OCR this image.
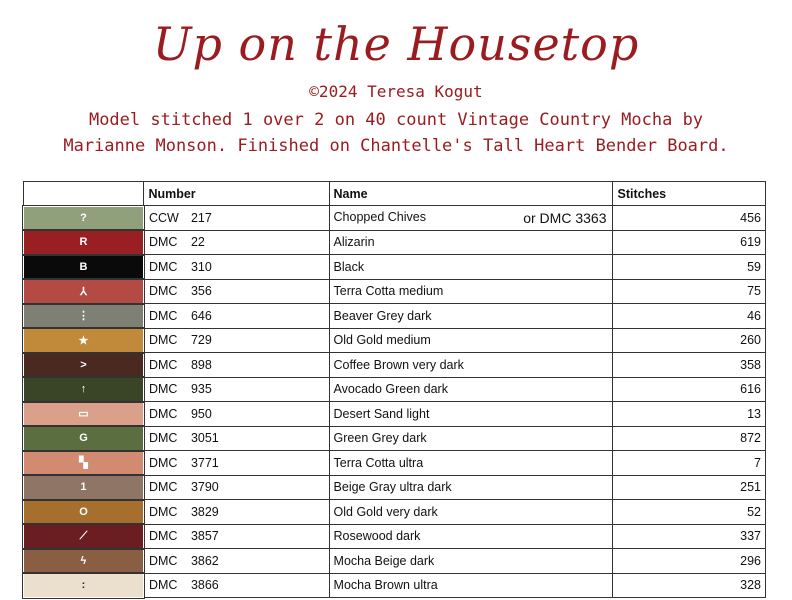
Up on the Housetop
©2024 Teresa Kogut
Model stitched 1 over 2 on 40 count Vintage Country Mocha by
Marianne Monson. Finished on Chantelle's Tall Heart Bender Board.
	Number	Name	Stitches
?	CCW 217	Chopped Chives or DMC 3363	456
R	DMC 22	Alizarin	619
B	DMC 310	Black	59
⅄	DMC 356	Terra Cotta medium	75
⋮	DMC 646	Beaver Grey dark	46
★	DMC 729	Old Gold medium	260
>	DMC 898	Coffee Brown very dark	358
↑	DMC 935	Avocado Green dark	616
▭	DMC 950	Desert Sand light	13
G	DMC 3051	Green Grey dark	872
▚	DMC 3771	Terra Cotta ultra	7
1	DMC 3790	Beige Gray ultra dark	251
O	DMC 3829	Old Gold very dark	52
⟋	DMC 3857	Rosewood dark	337
ϟ	DMC 3862	Mocha Beige dark	296
:	DMC 3866	Mocha Brown ultra	328
